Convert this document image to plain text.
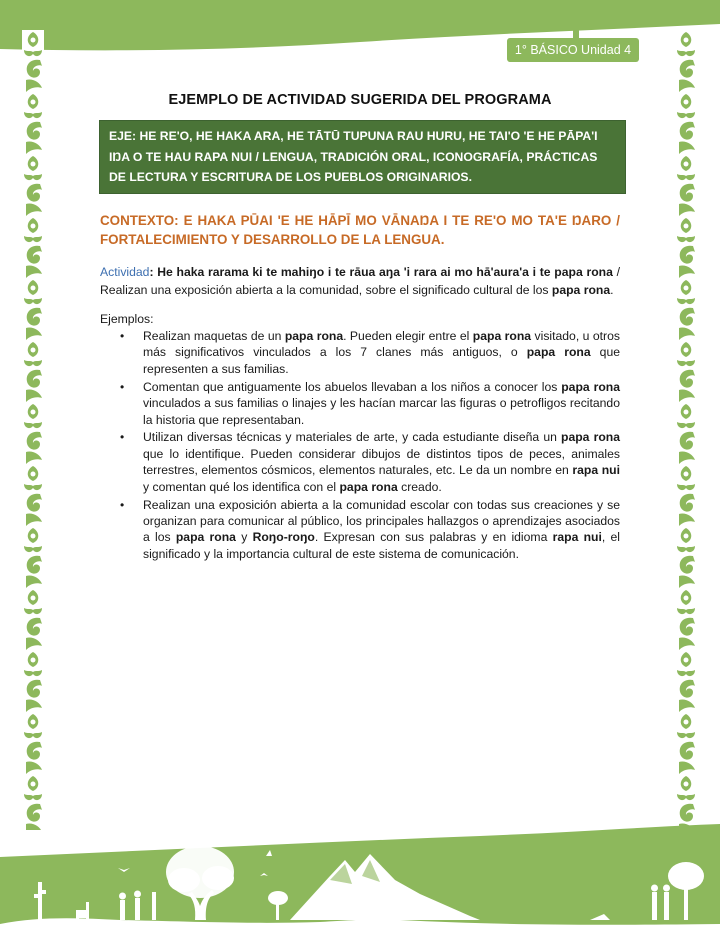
1° BÁSICO Unidad 4
EJEMPLO DE ACTIVIDAD SUGERIDA DEL PROGRAMA
EJE: HE RE'O, HE HAKA ARA, HE TĀTŪ TUPUNA RAU HURU, HE TAI'O 'E HE PĀPA'I IŊA O TE HAU RAPA NUI / LENGUA, TRADICIÓN ORAL, ICONOGRAFÍA, PRÁCTICAS DE LECTURA Y ESCRITURA DE LOS PUEBLOS ORIGINARIOS.
CONTEXTO: E HAKA PŪAI 'E HE HĀPĪ MO VĀNAŊA I TE RE'O MO TA'E ŊARO / FORTALECIMIENTO Y DESARROLLO DE LA LENGUA.
Actividad: He haka rarama ki te mahiŋo i te rāua aŋa 'i rara ai mo hā'aura'a i te papa rona / Realizan una exposición abierta a la comunidad, sobre el significado cultural de los papa rona.
Ejemplos:
• Realizan maquetas de un papa rona. Pueden elegir entre el papa rona visitado, u otros más significativos vinculados a los 7 clanes más antiguos, o papa rona que representen a sus familias.
• Comentan que antiguamente los abuelos llevaban a los niños a conocer los papa rona vinculados a sus familias o linajes y les hacían marcar las figuras o petrofligos recitando la historia que representaban.
• Utilizan diversas técnicas y materiales de arte, y cada estudiante diseña un papa rona que lo identifique. Pueden considerar dibujos de distintos tipos de peces, animales terrestres, elementos cósmicos, elementos naturales, etc. Le da un nombre en rapa nui y comentan qué los identifica con el papa rona creado.
• Realizan una exposición abierta a la comunidad escolar con todas sus creaciones y se organizan para comunicar al público, los principales hallazgos o aprendizajes asociados a los papa rona y Roŋo-roŋo. Expresan con sus palabras y en idioma rapa nui, el significado y la importancia cultural de este sistema de comunicación.
